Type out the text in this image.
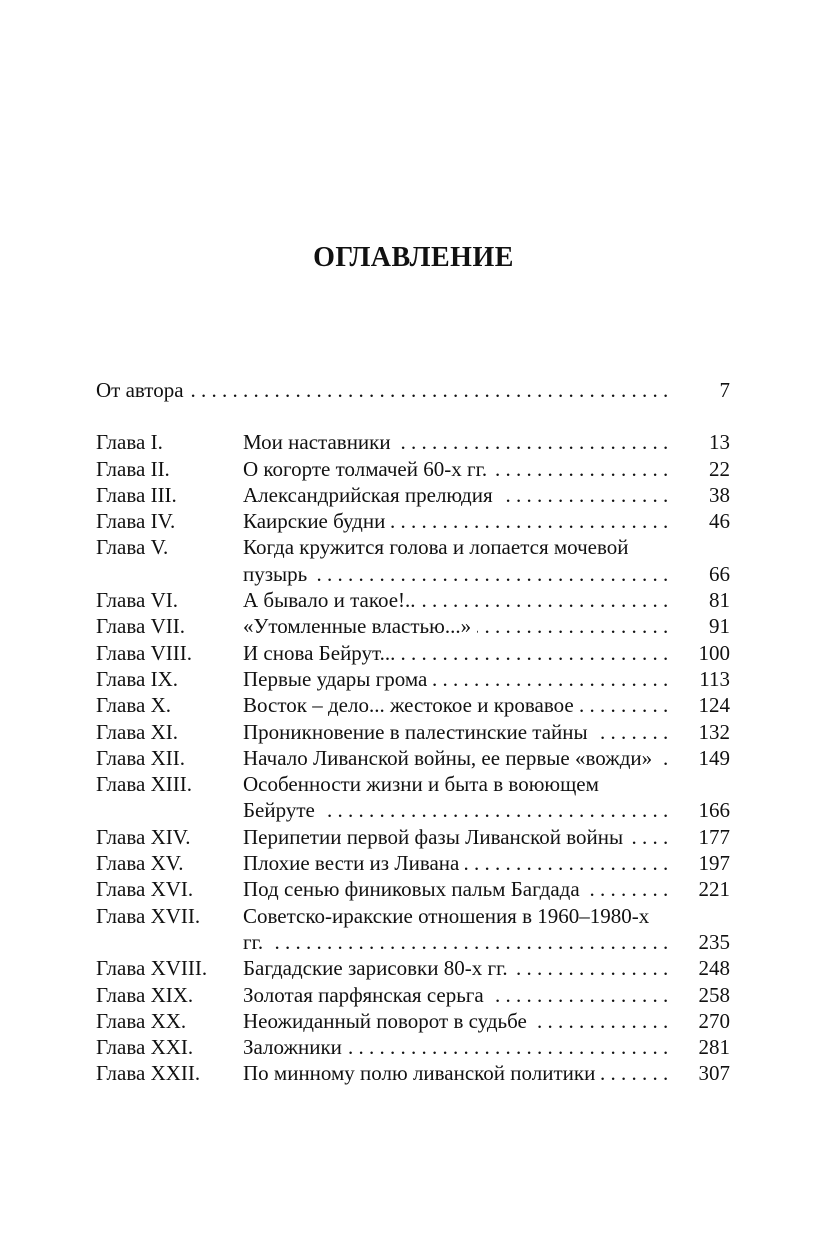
ОГЛАВЛЕНИЕ
От автора . . .	7
Глава I.	Мои наставники . . .	13
Глава II.	О когорте толмачей 60-х гг. . . .	22
Глава III.	Александрийская прелюдия . . .	38
Глава IV.	Каирские будни . . .	46
Глава V.	Когда кружится голова и лопается мочевой пузырь . . .	66
Глава VI.	А бывало и такое!.. . . .	81
Глава VII.	«Утомленные властью...» . . .	91
Глава VIII.	И снова Бейрут... . . .	100
Глава IX.	Первые удары грома . . .	113
Глава X.	Восток – дело... жестокое и кровавое . . .	124
Глава XI.	Проникновение в палестинские тайны . . .	132
Глава XII.	Начало Ливанской войны, ее первые «вожди» . . .	149
Глава XIII.	Особенности жизни и быта в воюющем Бейруте . . .	166
Глава XIV.	Перипетии первой фазы Ливанской войны . . .	177
Глава XV.	Плохие вести из Ливана . . .	197
Глава XVI.	Под сенью финиковых пальм Багдада . . .	221
Глава XVII.	Советско-иракские отношения в 1960–1980-х гг. . . .	235
Глава XVIII.	Багдадские зарисовки 80-х гг. . . .	248
Глава XIX.	Золотая парфянская серьга . . .	258
Глава XX.	Неожиданный поворот в судьбе . . .	270
Глава XXI.	Заложники . . .	281
Глава XXII.	По минному полю ливанской политики . . .	307
